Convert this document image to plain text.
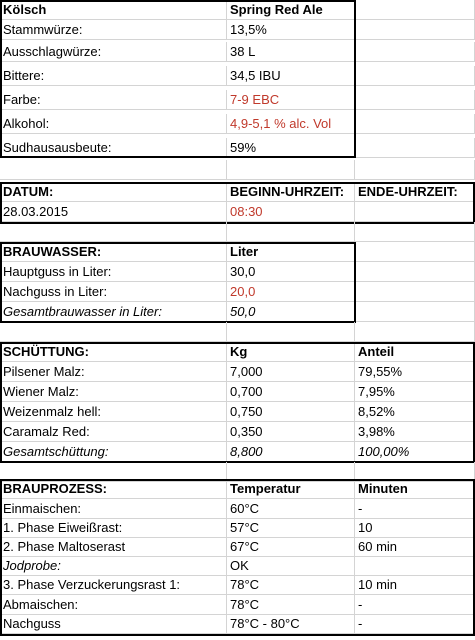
Kölsch	Spring Red Ale
Stammwürze:	13,5%
Ausschlagwürze:	38 L
Bittere:	34,5 IBU
Farbe:	7-9 EBC
Alkohol:	4,9-5,1 % alc. Vol
Sudhausausbeute:	59%
DATUM:	BEGINN-UHRZEIT:	ENDE-UHRZEIT:
28.03.2015	08:30
BRAUWASSER:	Liter
Hauptguss in Liter:	30,0
Nachguss in Liter:	20,0
Gesamtbrauwasser in Liter:	50,0
SCHÜTTUNG:	Kg	Anteil
Pilsener Malz:	7,000	79,55%
Wiener Malz:	0,700	7,95%
Weizenmalz hell:	0,750	8,52%
Caramalz Red:	0,350	3,98%
Gesamtschüttung:	8,800	100,00%
BRAUPROZESS:	Temperatur	Minuten
Einmaischen:	60°C	-
1. Phase Eiweißrast:	57°C	10
2. Phase Maltoserast	67°C	60 min
Jodprobe:	OK
3. Phase Verzuckerungsrast 1:	78°C	10 min
Abmaischen:	78°C	-
Nachguss	78°C - 80°C	-
